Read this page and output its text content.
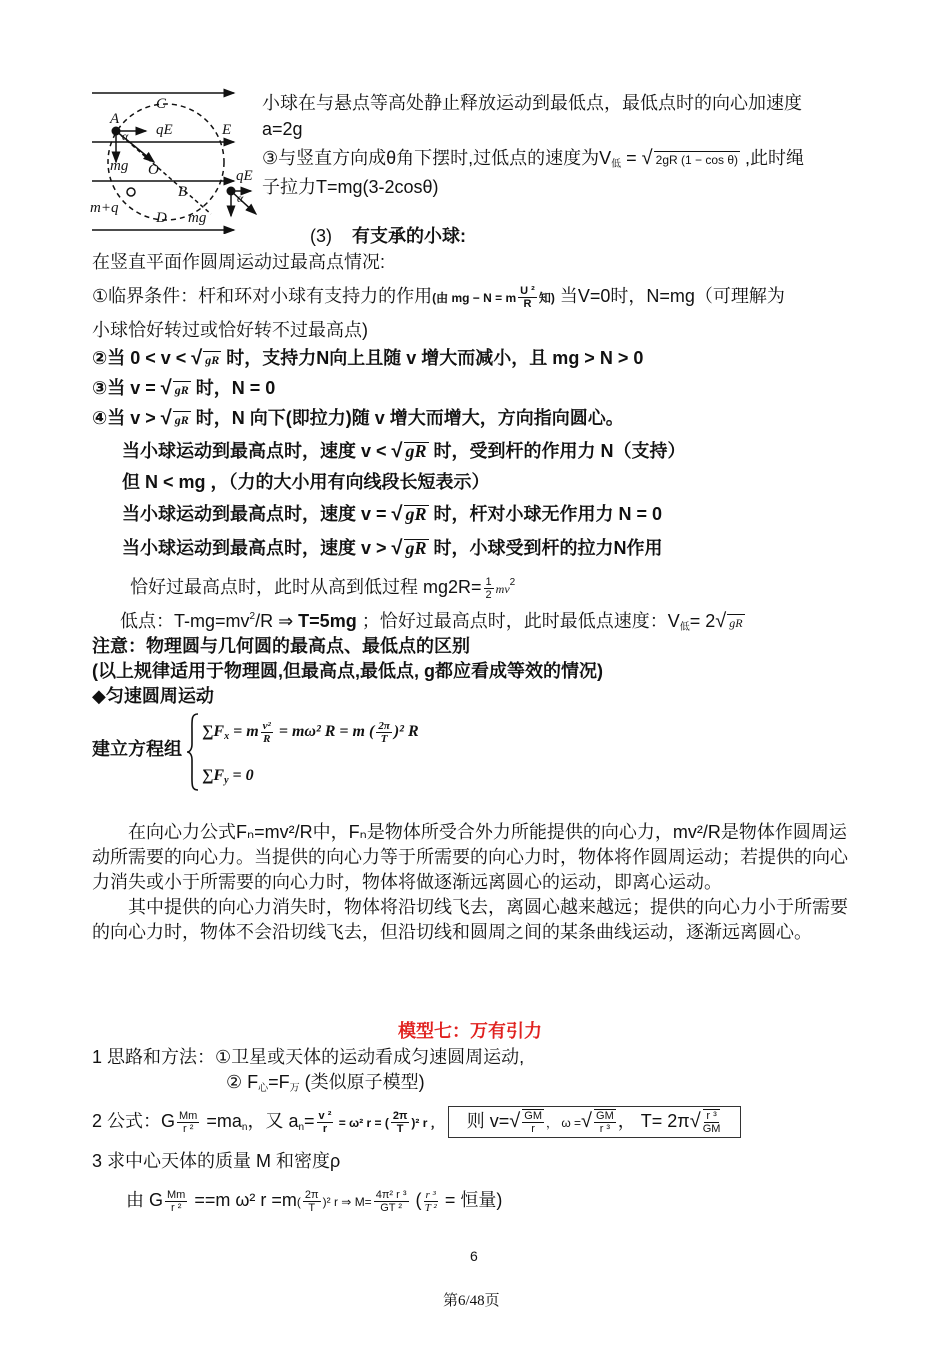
C
A
qE	E
α
mg O	qE
B	α
m+q
D mg
小球在与悬点等高处静止释放运动到最低点，最低点时的向心加速度
a=2g
③与竖直方向成θ角下摆时,过低点的速度为$V_低$ = √ 2gR (1 − cos θ) ,此时绳
子拉力T=mg(3-2cosθ)
(3) 有支承的小球:
在竖直平面作圆周运动过最高点情况:
①临界条件：杆和环对小球有支持力的作用(由 mg − N = m $\frac{\text{U ²}}{R}$ 知) 当V=0时，N=mg（可理解为
小球恰好转过或恰好转不过最高点)
②当 0 < v < √ gR 时，支持力N向上且随 v 增大而减小，且 mg > N > 0
③当 v = √ gR 时，N = 0
④当 v > √ gR 时，N 向下(即拉力)随 v 增大而增大，方向指向圆心。
当小球运动到最高点时，速度 v < √ gR 时，受到杆的作用力 N（支持）
但 N < mg ，（力的大小用有向线段长短表示）
当小球运动到最高点时，速度 v = √ gR 时，杆对小球无作用力 N = 0
当小球运动到最高点时，速度 v > √ gR 时，小球受到杆的拉力N作用
恰好过最高点时，此时从高到低过程 $mg2R= \frac{1}{2} mv^2$
低点：$T-mg=mv^2/R$ ⇒ T=5mg ；恰好过最高点时，此时最低点速度：$V_低= 2√$ gR
注意：物理圆与几何圆的最高点、最低点的区别
(以上规律适用于物理圆,但最高点,最低点, g都应看成等效的情况)
◆匀速圆周运动
建立方程组
$\sum F_x = m \frac{\text{v²}}{R} = m\omega^2$ R = m ( $\frac{2\pi}{T} )^2$ R
$\sum F_y = 0$
在向心力公式Fₙ=mv²/R中，Fₙ是物体所受合外力所能提供的向心力，mv²/R是物体作圆周运动所需要的向心力。当提供的向心力等于所需要的向心力时，物体将作圆周运动；若提供的向心力消失或小于所需要的向心力时，物体将做逐渐远离圆心的运动，即离心运动。
其中提供的向心力消失时，物体将沿切线飞去，离圆心越来越远；提供的向心力小于所需要的向心力时，物体不会沿切线飞去，但沿切线和圆周之间的某条曲线运动，逐渐远离圆心。
模型七：万有引力
1 思路和方法：①卫星或天体的运动看成匀速圆周运动,
② $F_心=F_万$ (类似原子模型)
2 公式：G $\frac{Mm}{\text{r ²}} =ma_n$，又 $a_n= \frac{\text{v ²}}{r} = \omega^2$ r = ( $\frac{2\pi}{T} )^2$ r ， 则 $v=√ \frac{GM}{r}$ ， ω =√ $\frac{GM}{\text{r ³}}$ ， $T= 2\pi√ \frac{\text{r ³}}{GM}$
3 求中心天体的质量 M 和密度ρ
由 G $\frac{Mm}{\text{r ²}} ==m$ ω² $r =m( \frac{2\pi}{T} )^2$ r ⇒ $M= \frac{\text{4π² r ³}}{\text{GT ²}}$ ( $\frac{\text{r ³}}{\text{T ²}}$ = 恒量)
6
第6/48页
